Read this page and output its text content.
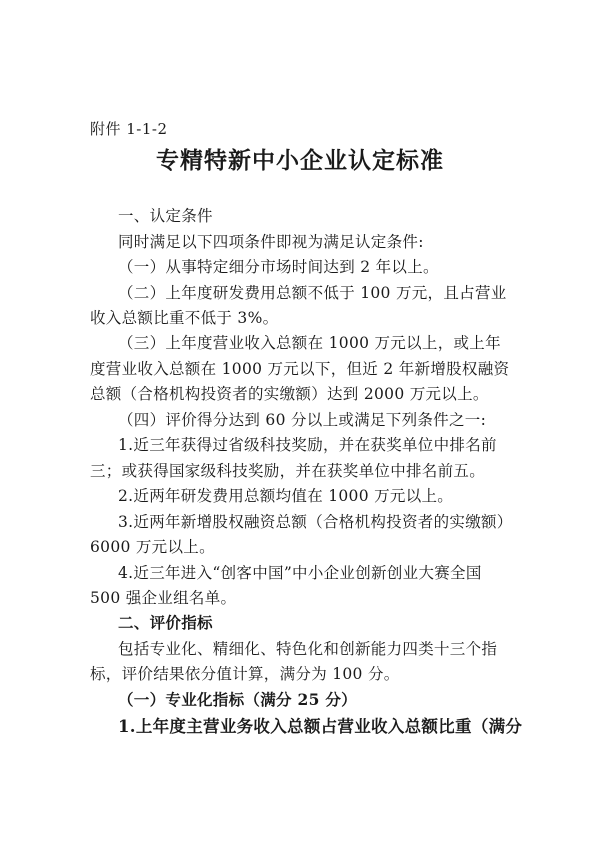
附件 1-1-2
专精特新中小企业认定标准
一、认定条件
同时满足以下四项条件即视为满足认定条件:
（一）从事特定细分市场时间达到 2 年以上。
（二）上年度研发费用总额不低于 100 万元，且占营业
收入总额比重不低于 3%。
（三）上年度营业收入总额在 1000 万元以上，或上年
度营业收入总额在 1000 万元以下，但近 2 年新增股权融资
总额（合格机构投资者的实缴额）达到 2000 万元以上。
（四）评价得分达到 60 分以上或满足下列条件之一:
1.近三年获得过省级科技奖励，并在获奖单位中排名前
三；或获得国家级科技奖励，并在获奖单位中排名前五。
2.近两年研发费用总额均值在 1000 万元以上。
3.近两年新增股权融资总额（合格机构投资者的实缴额）
6000 万元以上。
4.近三年进入“创客中国”中小企业创新创业大赛全国
500 强企业组名单。
二、评价指标
包括专业化、精细化、特色化和创新能力四类十三个指
标，评价结果依分值计算，满分为 100 分。
（一）专业化指标（满分 25 分）
1.上年度主营业务收入总额占营业收入总额比重（满分
